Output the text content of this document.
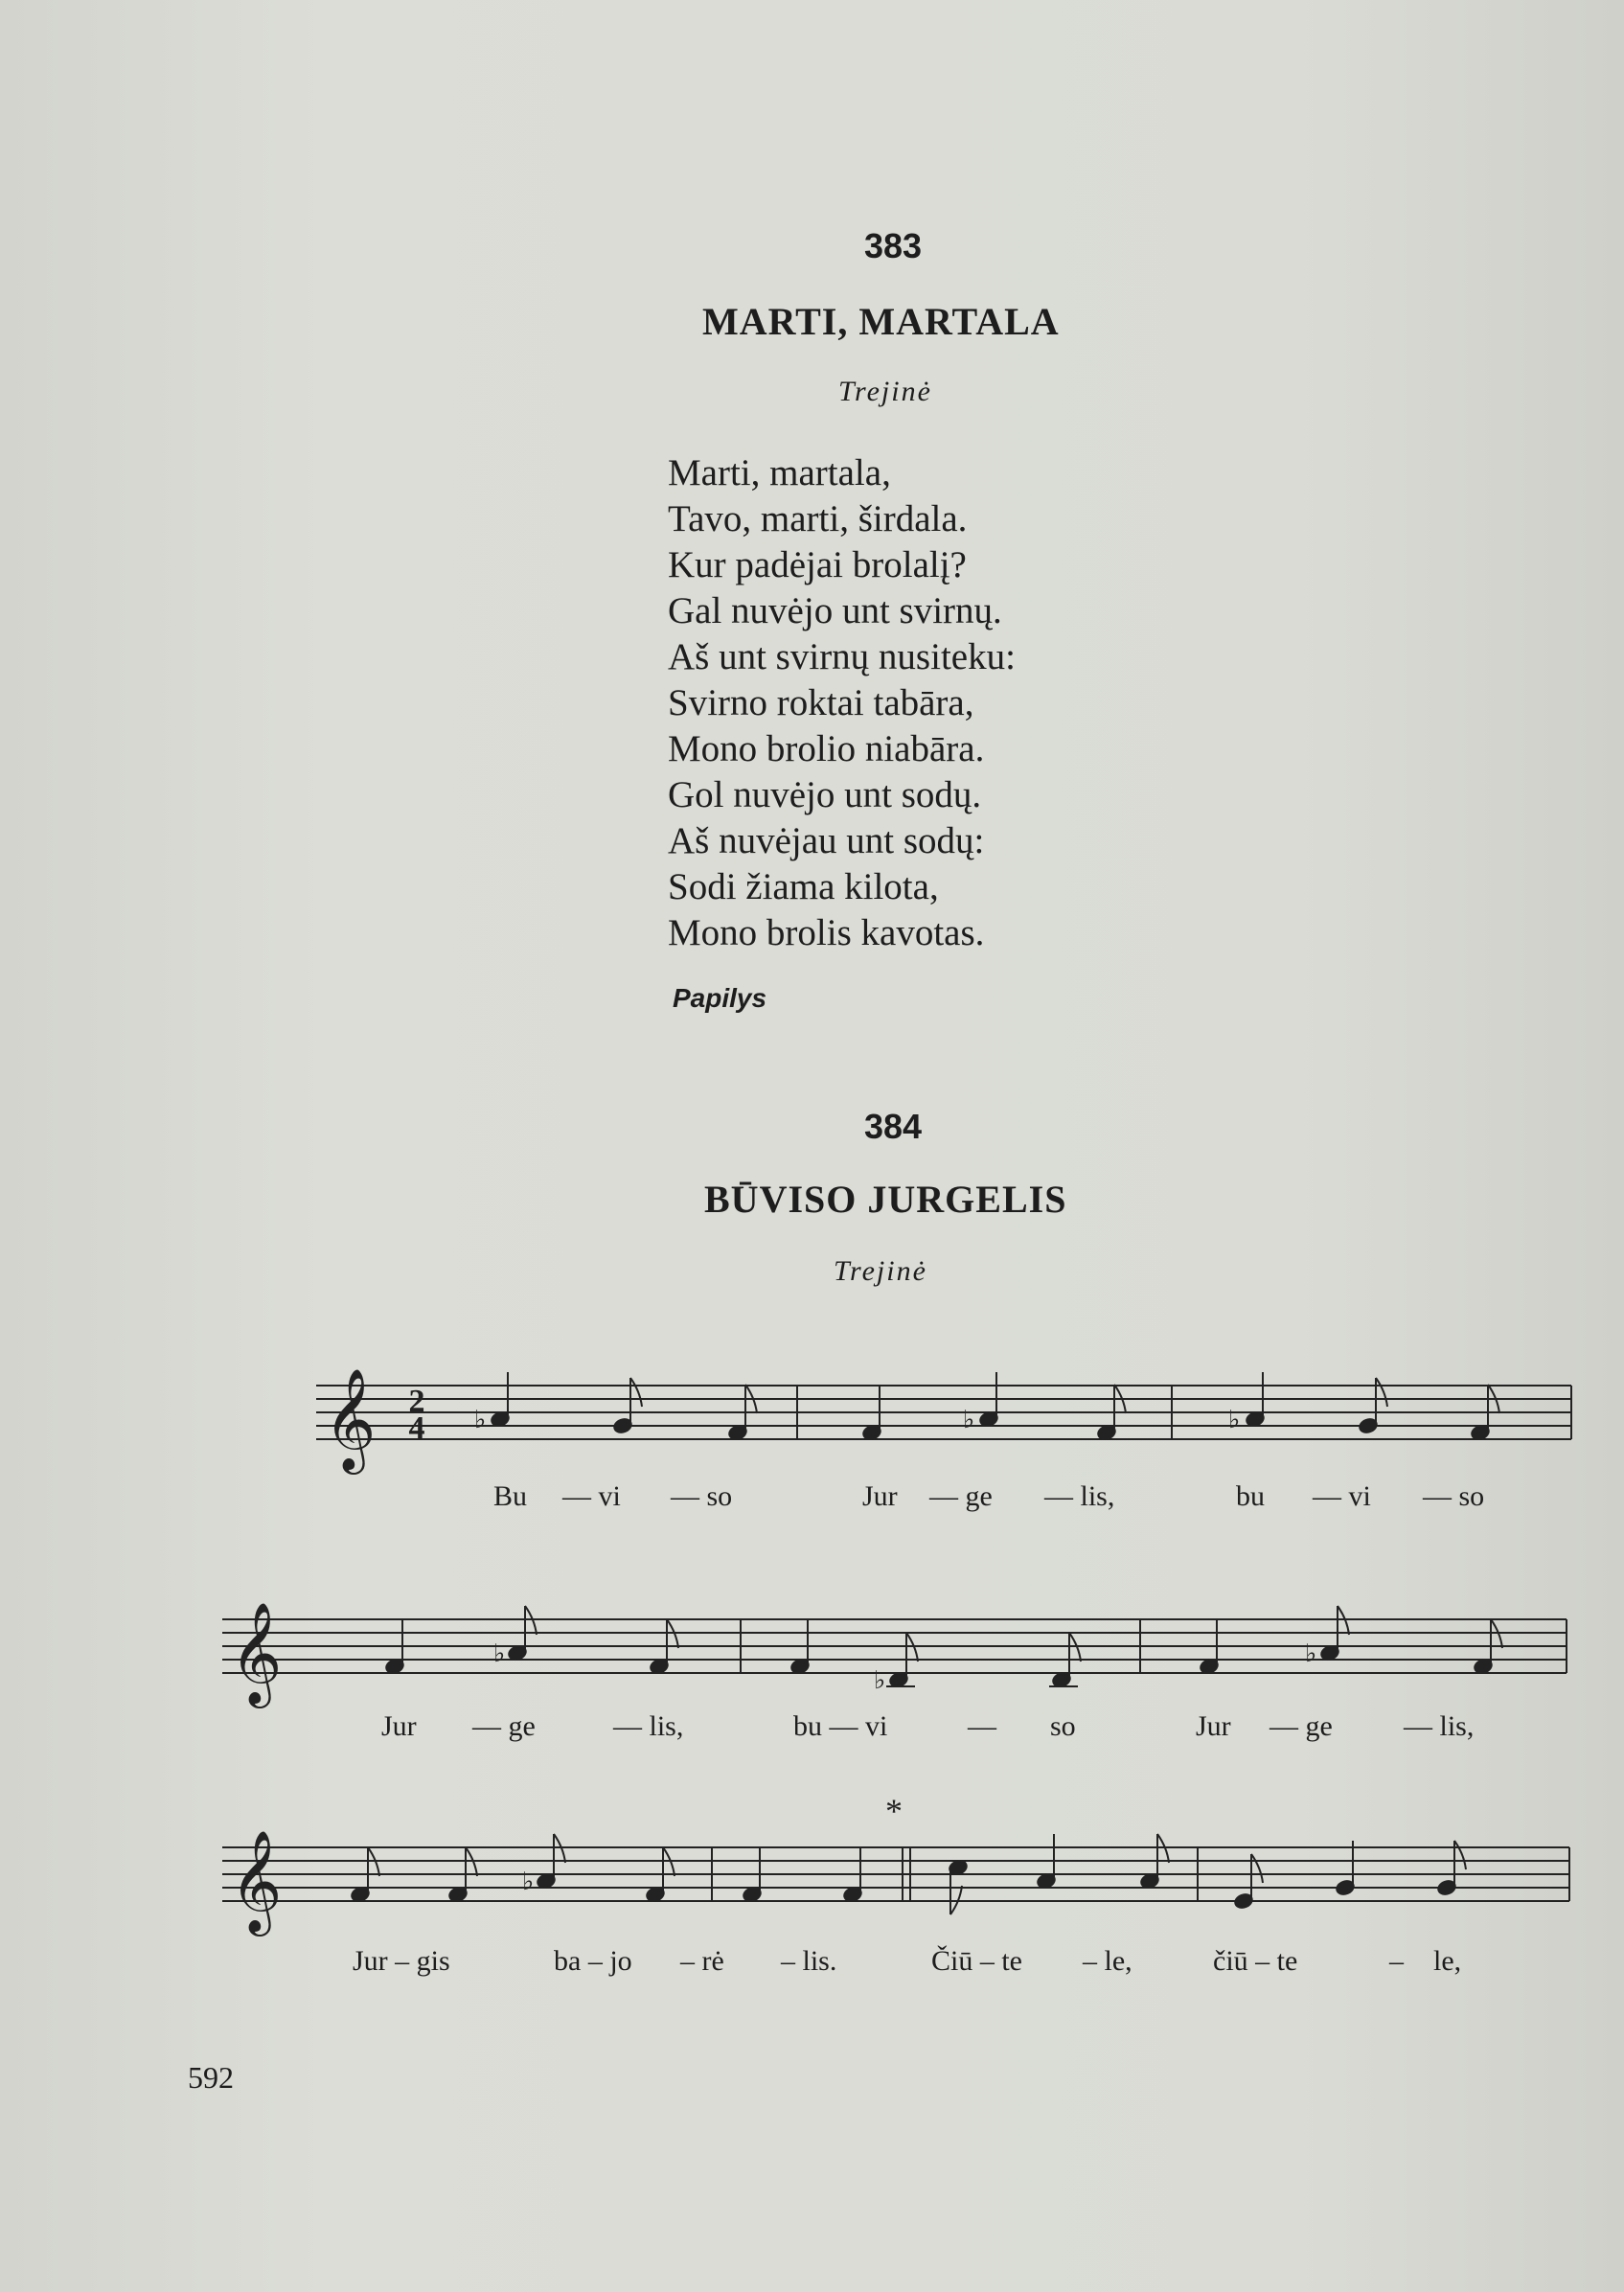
383
MARTI, MARTALA
Trejinė
Marti, martala,
Tavo, marti, širdala.
Kur padėjai brolalį?
Gal nuvėjo unt svirnų.
Aš unt svirnų nusiteku:
Svirno roktai tabāra,
Mono brolio niabāra.
Gol nuvėjo unt sodų.
Aš nuvėjau unt sodų:
Sodi žiama kilota,
Mono brolis kavotas.
Papilys
384
BŪVISO JURGELIS
Trejinė
𝄞
𝄞
𝄞
2
4 ♭	♭	♭
♭
♭
♭
♭
*
Bu — vi — so	Jur — ge — lis,	bu — vi — so
Jur — ge	— lis,	bu — vi	— so	Jur — ge — lis,
Jur – gis	ba – jo – rė – lis.	Čiū – te – le,	čiū – te	– le,
592
